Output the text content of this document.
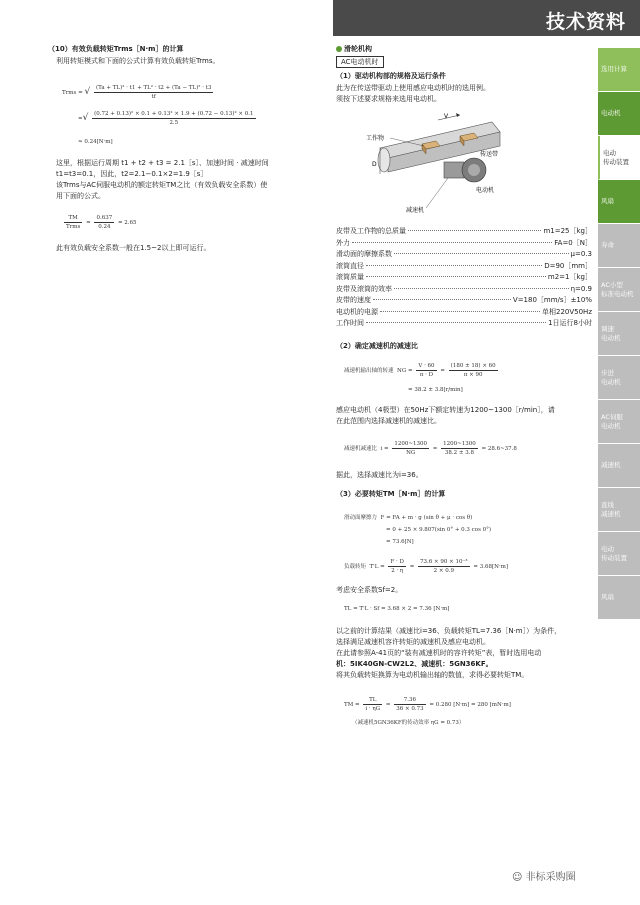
技术资料
选用计算
电动机
电动
传动装置
风扇
寿命
AC小型
标准电动机
调速
电动机
步进
电动机
AC伺服
电动机
减速机
直线
减速机
电动
传动装置
风扇
（10）有效负载转矩Trms［N·m］的计算
利用转矩模式和下面的公式计算有效负载转矩Trms。
Trms = √ $\frac{\text{(Ta + TL)² · t1 + TL² · t2 + (Ta − TL)² · t3}}{tf}$
=√ $\frac{\text{(0.72 + 0.13)² × 0.1 + 0.13² × 1.9 + (0.72 − 0.13)² × 0.1}}{2.5}$
≈ 0.24[N·m]
这里，根据运行周期 t1 + t2 + t3 = 2.1［s］、加速时间 · 减速时间
t1=t3=0.1，因此，t2=2.1−0.1×2=1.9［s］
该Trms与AC伺服电动机的额定转矩TM之比（有效负载安全系数）使
用下面的公式。
$\frac{TM}{\text{Trms}} = \frac{0.637}{0.24} = 2.65$
此有效负载安全系数一般在1.5~2以上即可运行。
滑轮机构
AC电动机时
（1）驱动机构部的规格及运行条件
此为在传送带驱动上使用感应电动机时的选用例。
须按下述要求规格来选用电动机。
V
工作物
D
传送带
电动机
减速机
皮带及工作物的总质量	m1=25［kg］
外力	FA=0［N］
滑动面的摩擦系数	μ=0.3
滚筒直径	D=90［mm］
滚筒质量	m2=1［kg］
皮带及滚筒的效率	η=0.9
皮带的速度	V=180［mm/s］±10%
电动机的电源	单相220V50Hz
工作时间	1日运行8小时
（2）确定减速机的减速比
减速机输出轴的转速 NG = $\frac{V \cdot 60}{\pi \cdot D} = \frac{(180 \pm 18) \times 60}{\pi \times 90}$
= 38.2 ± 3.8[r/min]
感应电动机（4极型）在50Hz下额定转速为1200~1300［r/min］，请
在此范围内选择减速机的减速比。
减速机减速比 $i = \frac{1200\sim 1300}{NG} = \frac{1200\sim 1300}{38.2 \pm 3.8}$ = 28.6~37.8
据此，选择减速比为i=36。
（3）必要转矩TM［N·m］的计算
滑动面摩擦力 F = FA + m · g (sin θ + μ · cos θ)
= 0 + 25 × 9.807(sin 0° + 0.3 cos 0°)
= 73.6[N]
负载转矩 $T'L = \frac{F \cdot D}{2 \cdot \eta} = \frac{\text{73.6 × 90 × 10⁻³}}{2 \times 0.9} = 3.68[N\cdot m]$
考虑安全系数Sf=2。
TL = T'L · Sf = 3.68 × 2 = 7.36 [N·m]
以之前的计算结果（减速比i=36、负载转矩TL=7.36［N·m］）为条件，
选择满足减速机容许转矩的减速机及感应电动机。
在此请参照A-41页的“装有减速机时的容许转矩”表，暂时选用电动
机：5IK40GN-CW2L2、减速机：5GN36KF。
将其负载转矩换算为电动机输出轴的数值，求得必要转矩TM。
TM = $\frac{TL}{i \cdot \eta G} = \frac{7.36}{36 \times 0.73} = 0.280$ [N·m] = 280 [mN·m]
（减速机5GN36KF的传动效率 ηG = 0.73）
☺ 非标采购圈
